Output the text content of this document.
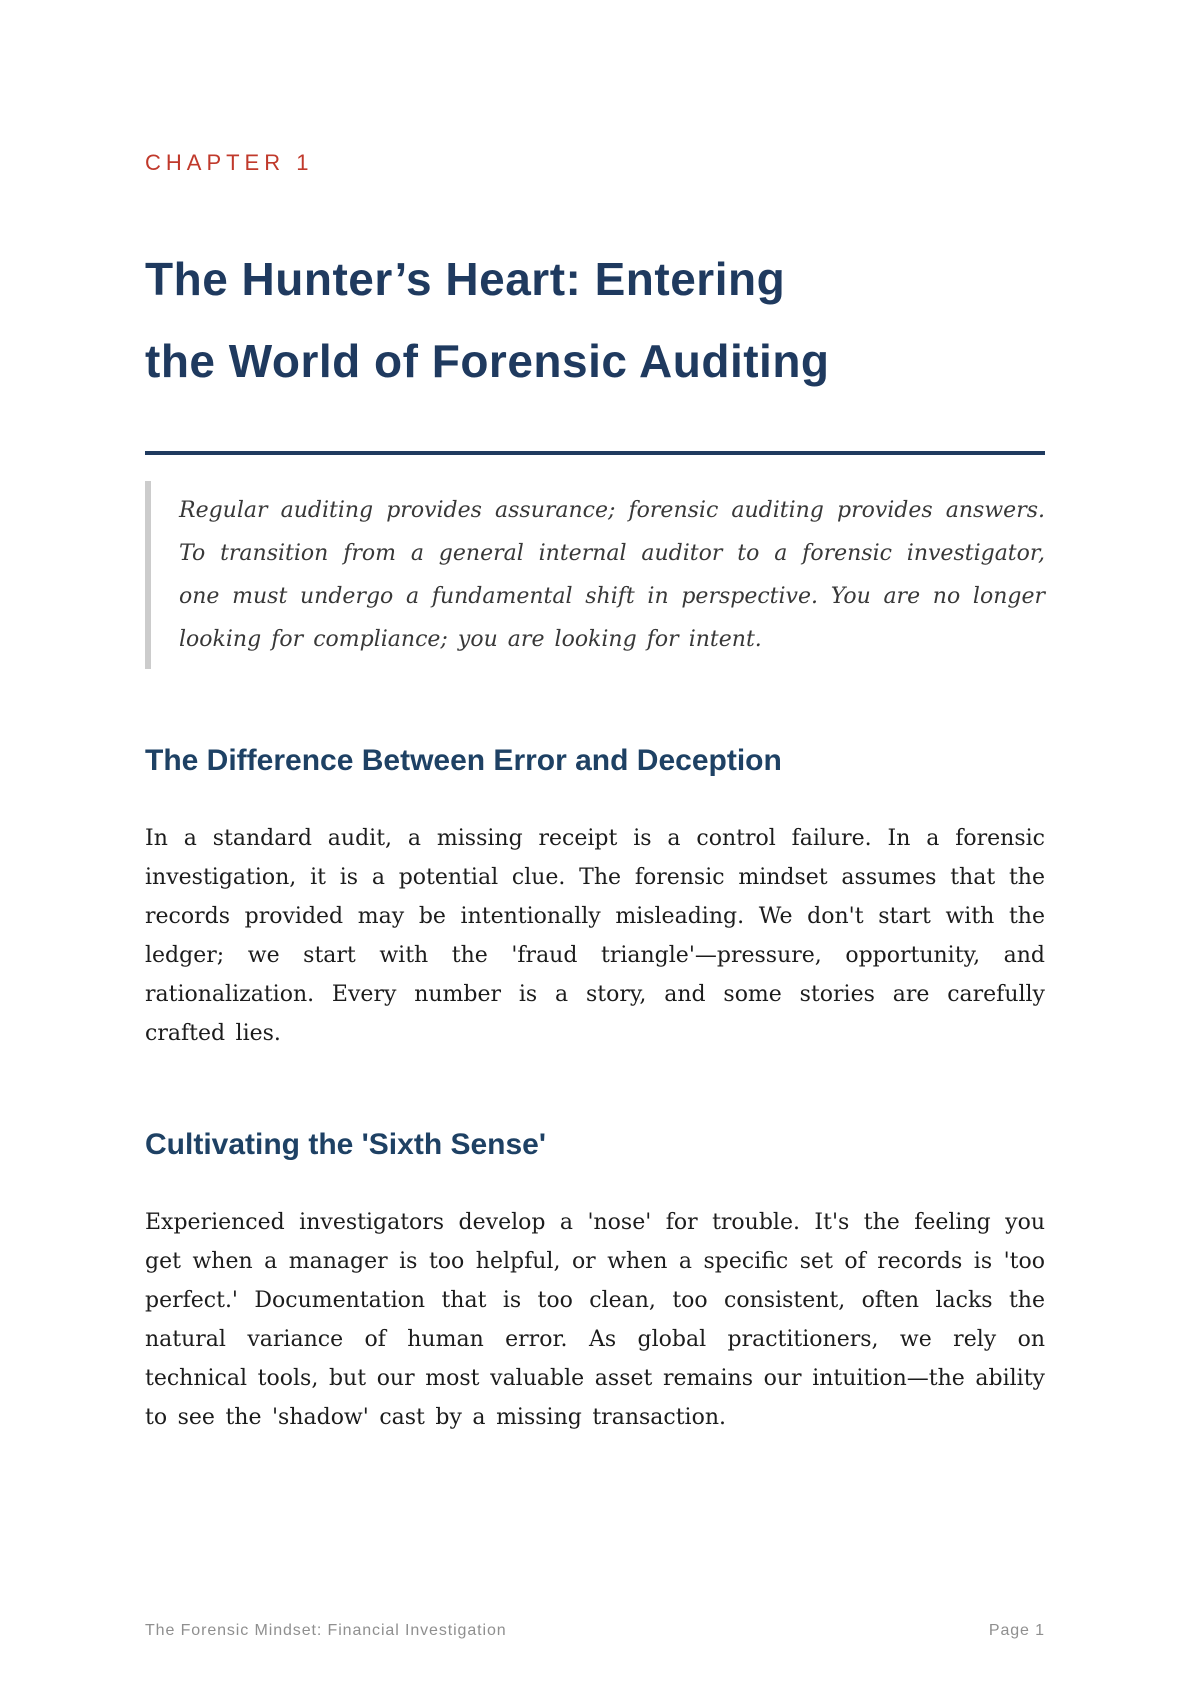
CHAPTER 1
The Hunter’s Heart: Entering
the World of Forensic Auditing

Regular auditing provides assurance; forensic auditing provides answers. To transition from a general internal auditor to a forensic investigator, one must undergo a fundamental shift in perspective. You are no longer looking for compliance; you are looking for intent.

The Difference Between Error and Deception

In a standard audit, a missing receipt is a control failure. In a forensic investigation, it is a potential clue. The forensic mindset assumes that the records provided may be intentionally misleading. We don't start with the ledger; we start with the 'fraud triangle'—pressure, opportunity, and rationalization. Every number is a story, and some stories are carefully crafted lies.

Cultivating the 'Sixth Sense'

Experienced investigators develop a 'nose' for trouble. It's the feeling you get when a manager is too helpful, or when a specific set of records is 'too perfect.' Documentation that is too clean, too consistent, often lacks the natural variance of human error. As global practitioners, we rely on technical tools, but our most valuable asset remains our intuition—the ability to see the 'shadow' cast by a missing transaction.

The Forensic Mindset: Financial Investigation	Page 1
